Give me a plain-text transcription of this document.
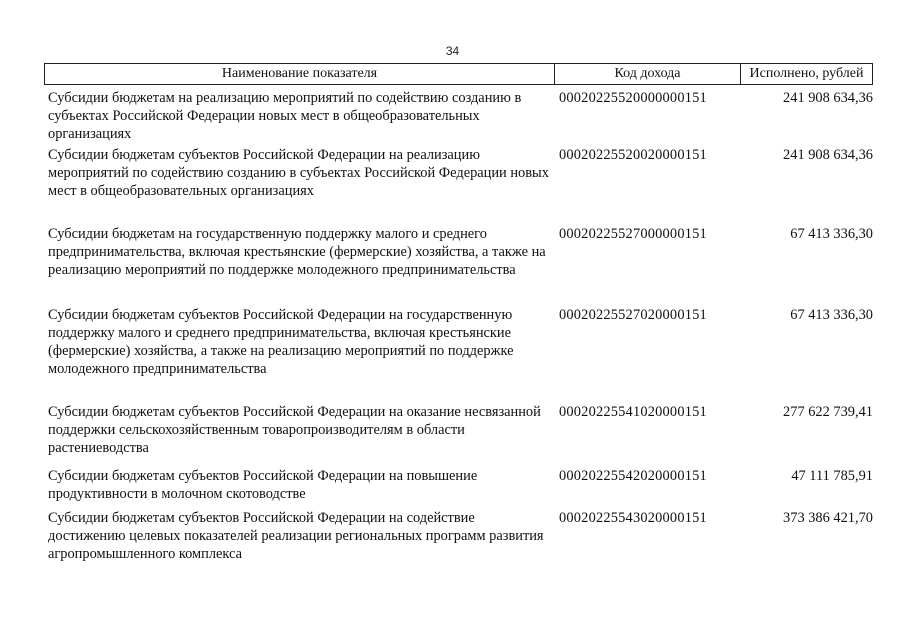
34
Наименование показателя	Код дохода	Исполнено, рублей
Субсидии бюджетам на реализацию мероприятий по содействию созданию в субъектах Российской Федерации новых мест в общеобразовательных организациях
00020225520000000151	241 908 634,36
Субсидии бюджетам субъектов Российской Федерации на реализацию мероприятий по содействию созданию в субъектах Российской Федерации новых мест в общеобразовательных организациях
00020225520020000151	241 908 634,36
Субсидии бюджетам на государственную поддержку малого и среднего предпринимательства, включая крестьянские (фермерские) хозяйства, а также на реализацию мероприятий по поддержке молодежного предпринимательства
00020225527000000151	67 413 336,30
Субсидии бюджетам субъектов Российской Федерации на государственную поддержку малого и среднего предпринимательства, включая крестьянские (фермерские) хозяйства, а также на реализацию мероприятий по поддержке молодежного предпринимательства
00020225527020000151	67 413 336,30
Субсидии бюджетам субъектов Российской Федерации на оказание несвязанной поддержки сельскохозяйственным товаропроизводителям в области растениеводства
00020225541020000151	277 622 739,41
Субсидии бюджетам субъектов Российской Федерации на повышение продуктивности в молочном скотоводстве
00020225542020000151	47 111 785,91
Субсидии бюджетам субъектов Российской Федерации на содействие достижению целевых показателей реализации региональных программ развития агропромышленного комплекса
00020225543020000151	373 386 421,70
